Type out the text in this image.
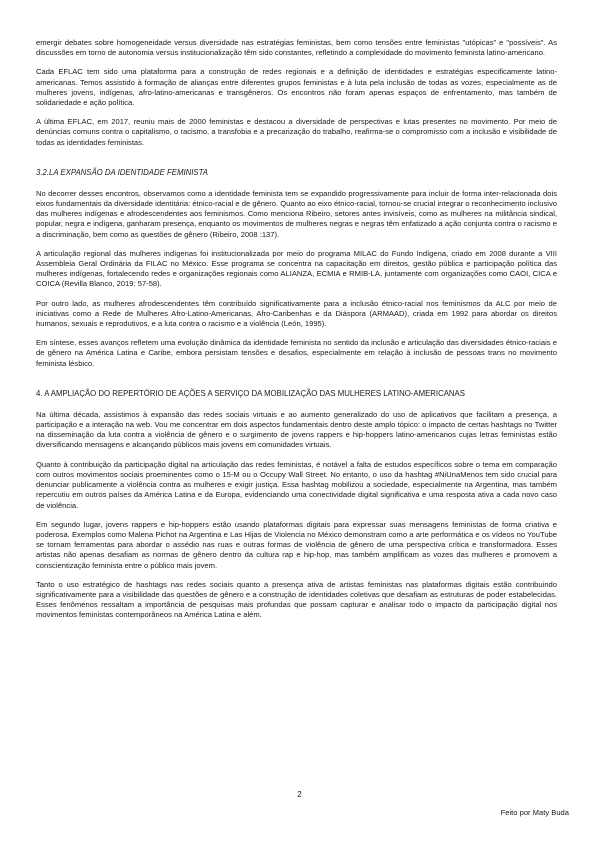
emergir debates sobre homogeneidade versus diversidade nas estratégias feministas, bem como tensões entre feministas "utópicas" e "possíveis". As discussões em torno de autonomia versus institucionalização têm sido constantes, refletindo a complexidade do movimento feminista latino-americano.

Cada EFLAC tem sido uma plataforma para a construção de redes regionais e a definição de identidades e estratégias especificamente latino-americanas. Temos assistido à formação de alianças entre diferentes grupos feministas e à luta pela inclusão de todas as vozes, especialmente as de mulheres jovens, indígenas, afro-latino-americanas e transgêneros. Os encontros não foram apenas espaços de enfrentamento, mas também de solidariedade e ação política.

A última EFLAC, em 2017, reuniu mais de 2000 feministas e destacou a diversidade de perspectivas e lutas presentes no movimento. Por meio de denúncias comuns contra o capitalismo, o racismo, a transfobia e a precarização do trabalho, reafirma-se o compromisso com a inclusão e visibilidade de todas as identidades feministas.

3.2.LA EXPANSÃO DA IDENTIDADE FEMINISTA

No decorrer desses encontros, observamos como a identidade feminista tem se expandido progressivamente para incluir de forma inter-relacionada dois eixos fundamentais da diversidade identitária: étnico-racial e de gênero. Quanto ao eixo étnico-racial, tornou-se crucial integrar o reconhecimento inclusivo das mulheres indígenas e afrodescendentes aos feminismos. Como menciona Ribeiro, setores antes invisíveis, como as mulheres na militância sindical, popular, negra e indígena, ganharam presença, enquanto os movimentos de mulheres negras e negras têm enfatizado a ação conjunta contra o racismo e a discriminação, bem como as questões de gênero (Ribeiro, 2008 :137).

A articulação regional das mulheres indígenas foi institucionalizada por meio do programa MILAC do Fundo Indígena, criado em 2008 durante a VIII Assembleia Geral Ordinária da FILAC no México. Esse programa se concentra na capacitação em direitos, gestão pública e participação política das mulheres indígenas, fortalecendo redes e organizações regionais como ALIANZA, ECMIA e RMIB-LA, juntamente com organizações como CAOI, CICA e COICA (Revilla Blanco, 2019: 57-58).

Por outro lado, as mulheres afrodescendentes têm contribuído significativamente para a inclusão étnico-racial nos feminismos da ALC por meio de iniciativas como a Rede de Mulheres Afro-Latino-Americanas, Afro-Caribenhas e da Diáspora (ARMAAD), criada em 1992 para abordar os direitos humanos, sexuais e reprodutivos, e a luta contra o racismo e a violência (León, 1995).

Em síntese, esses avanços refletem uma evolução dinâmica da identidade feminista no sentido da inclusão e articulação das diversidades étnico-raciais e de gênero na América Latina e Caribe, embora persistam tensões e desafios, especialmente em relação à inclusão de pessoas trans no movimento feminista lésbico.

4. A AMPLIAÇÃO DO REPERTÓRIO DE AÇÕES A SERVIÇO DA MOBILIZAÇÃO DAS MULHERES LATINO-AMERICANAS

Na última década, assistimos à expansão das redes sociais virtuais e ao aumento generalizado do uso de aplicativos que facilitam a presença, a participação e a interação na web. Vou me concentrar em dois aspectos fundamentais dentro deste amplo tópico: o impacto de certas hashtags no Twitter na disseminação da luta contra a violência de gênero e o surgimento de jovens rappers e hip-hoppers latino-americanos cujas letras feministas estão diversificando mensagens e alcançando públicos mais jovens em comunidades virtuais.

Quanto à contribuição da participação digital na articulação das redes feministas, é notável a falta de estudos específicos sobre o tema em comparação com outros movimentos sociais proeminentes como o 15-M ou o Occupy Wall Street. No entanto, o uso da hashtag #NiUnaMenos tem sido crucial para denunciar publicamente a violência contra as mulheres e exigir justiça. Essa hashtag mobilizou a sociedade, especialmente na Argentina, mas também repercutiu em outros países da América Latina e da Europa, evidenciando uma conectividade digital significativa e uma resposta ativa a cada novo caso de violência.

Em segundo lugar, jovens rappers e hip-hoppers estão usando plataformas digitais para expressar suas mensagens feministas de forma criativa e poderosa. Exemplos como Malena Pichot na Argentina e Las Hijas de Violencia no México demonstram como a arte performática e os vídeos no YouTube se tornam ferramentas para abordar o assédio nas ruas e outras formas de violência de gênero de uma perspectiva crítica e transformadora. Esses artistas não apenas desafiam as normas de gênero dentro da cultura rap e hip-hop, mas também amplificam as vozes das mulheres e promovem a conscientização feminista entre o público mais jovem.

Tanto o uso estratégico de hashtags nas redes sociais quanto a presença ativa de artistas feministas nas plataformas digitais estão contribuindo significativamente para a visibilidade das questões de gênero e a construção de identidades coletivas que desafiam as estruturas de poder estabelecidas. Esses fenômenos ressaltam a importância de pesquisas mais profundas que possam capturar e analisar todo o impacto da participação digital nos movimentos feministas contemporâneos na América Latina e além.

2
Feito por Maty Buda
